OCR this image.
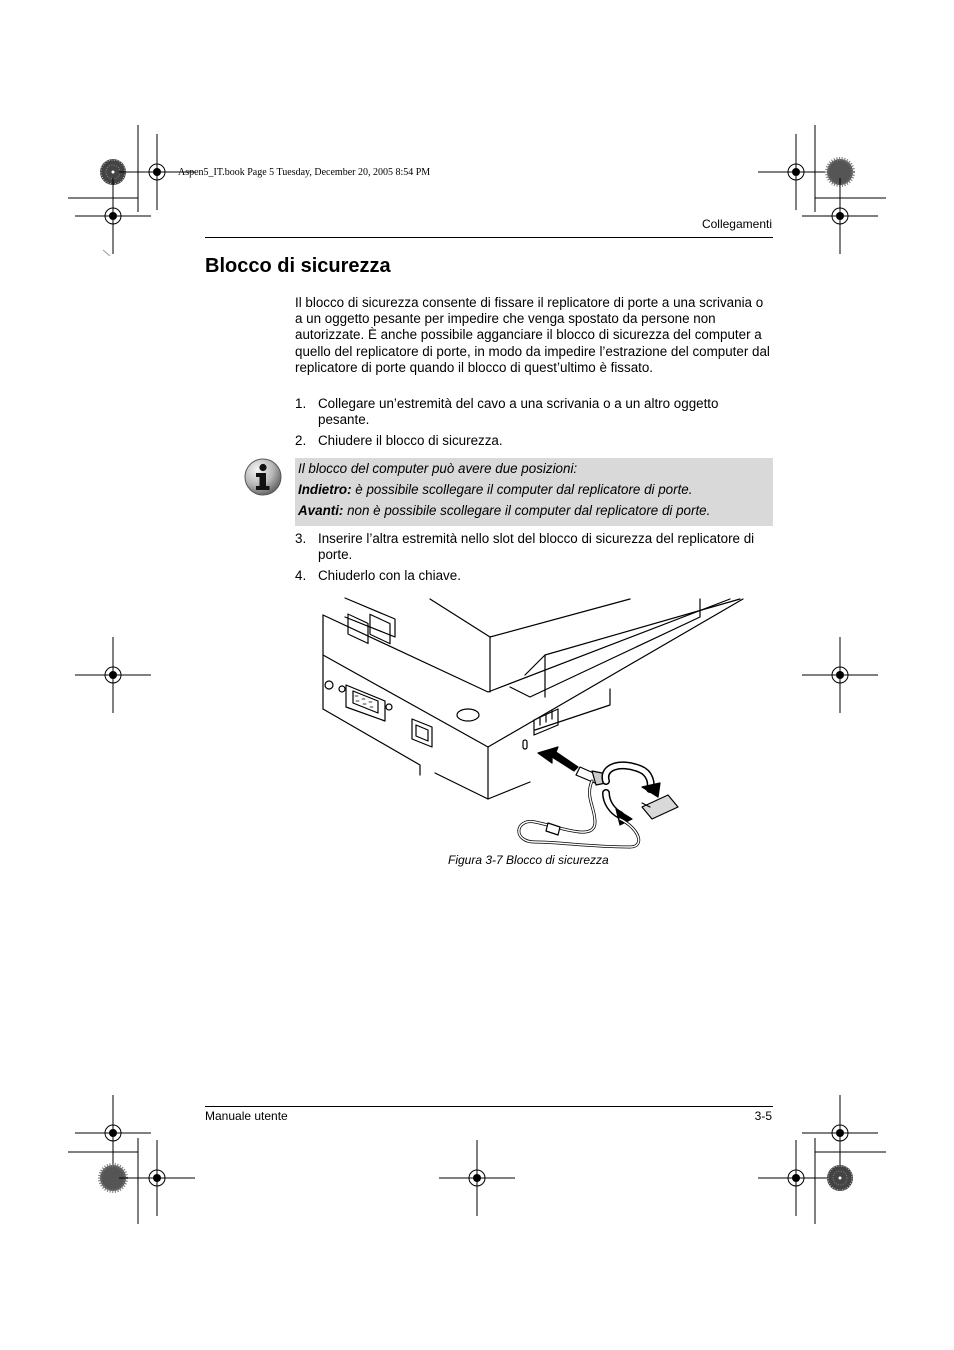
Aspen5_IT.book Page 5 Tuesday, December 20, 2005 8:54 PM
Collegamenti
Blocco di sicurezza
Il blocco di sicurezza consente di fissare il replicatore di porte a una scrivania o a un oggetto pesante per impedire che venga spostato da persone non autorizzate. È anche possibile agganciare il blocco di sicurezza del computer a quello del replicatore di porte, in modo da impedire l’estrazione del computer dal replicatore di porte quando il blocco di quest’ultimo è fissato.
1. Collegare un’estremità del cavo a una scrivania o a un altro oggetto pesante.
2. Chiudere il blocco di sicurezza.
Il blocco del computer può avere due posizioni:
Indietro: è possibile scollegare il computer dal replicatore di porte.
Avanti: non è possibile scollegare il computer dal replicatore di porte.
3. Inserire l’altra estremità nello slot del blocco di sicurezza del replicatore di porte.
4. Chiuderlo con la chiave.
Figura 3-7 Blocco di sicurezza
Manuale utente	3-5
